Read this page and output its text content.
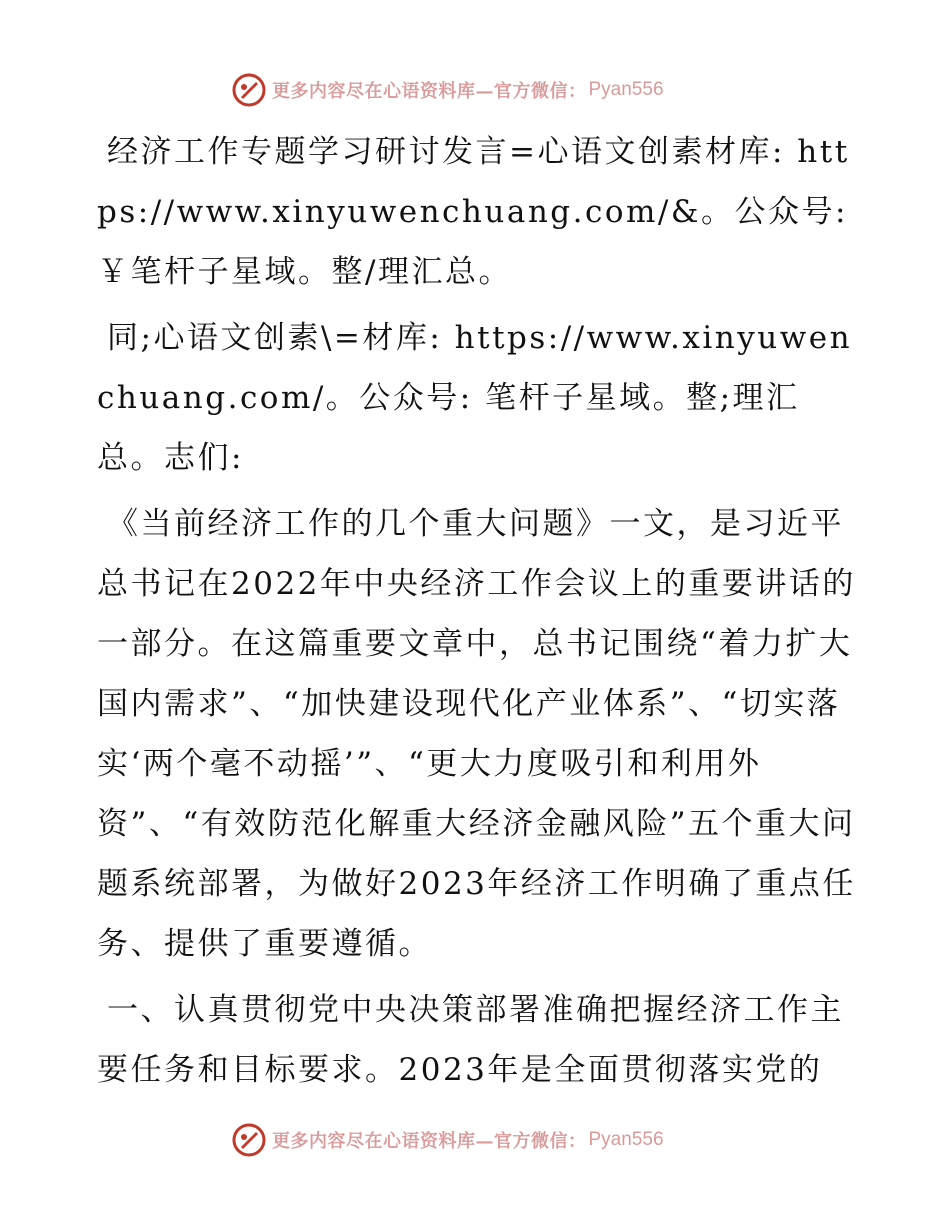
更多内容尽在心语资料库—官方微信： Pyan556

经济工作专题学习研讨发言=心语文创素材库: https://www.xinyuwenchuang.com/&。公众号: ￥笔杆子星域。整/理汇总。

同;心语文创素\=材库: https://www.xinyuwenchuang.com/。公众号: 笔杆子星域。整;理汇总。志们:

《当前经济工作的几个重大问题》一文，是习近平总书记在2022年中央经济工作会议上的重要讲话的一部分。在这篇重要文章中，总书记围绕“着力扩大国内需求”、“加快建设现代化产业体系”、“切实落实‘两个毫不动摇’”、“更大力度吸引和利用外资”、“有效防范化解重大经济金融风险”五个重大问题系统部署，为做好2023年经济工作明确了重点任务、提供了重要遵循。

一、认真贯彻党中央决策部署准确把握经济工作主要任务和目标要求。2023年是全面贯彻落实党的

更多内容尽在心语资料库—官方微信： Pyan556
